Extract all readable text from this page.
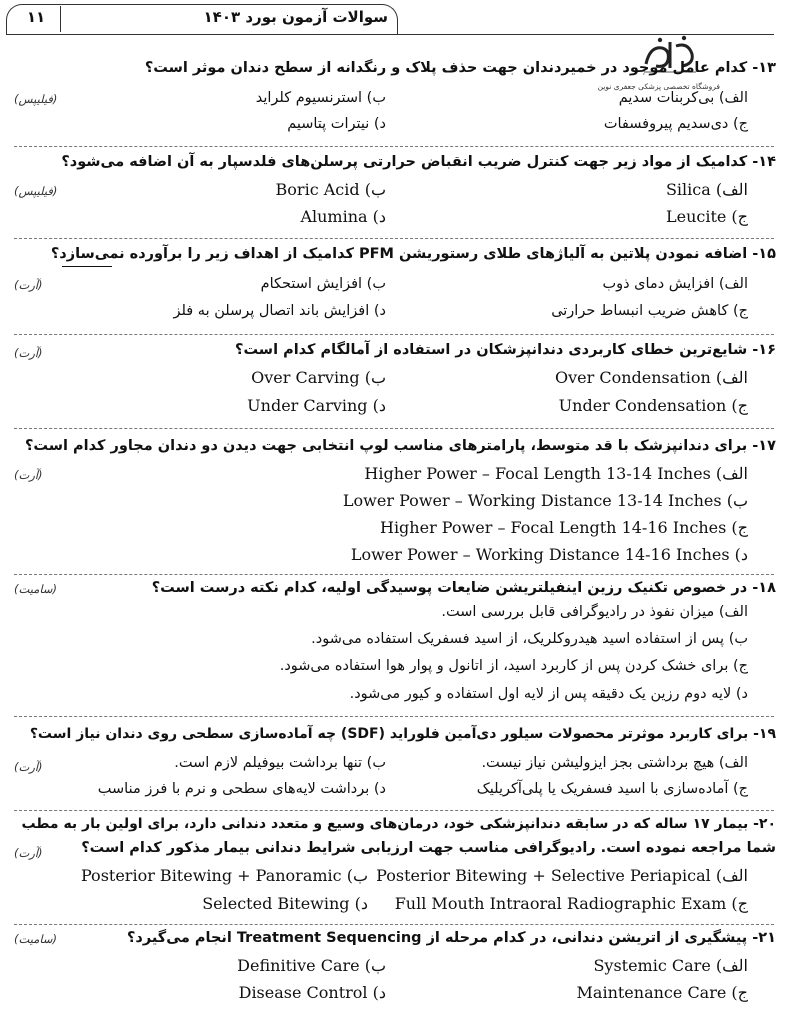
۱۱	سوالات آزمون بورد ۱۴۰۳
فروشگاه تخصصی پزشکی جعفری نوین
۱۳- کدام عامل موجود در خمیردندان جهت حذف پلاک و رنگدانه از سطح دندان موثر است؟
(فیلیپس)	الف) بی‌کربنات سدیم
ب) استرنسیوم کلراید
ج) دی‌سدیم پیروفسفات
د) نیترات پتاسیم
۱۴- کدامیک از مواد زیر جهت کنترل ضریب انقباض حرارتی پرسلن‌های فلدسپار به آن اضافه می‌شود؟
(فیلیپس)	الف) Silica
ب) Boric Acid
ج) Leucite
د) Alumina
۱۵- اضافه نمودن پلاتین به آلیاژهای طلای رستوریشن PFM کدامیک از اهداف زیر را برآورده نمی‌سازد؟
(آرت)	الف) افزایش دمای ذوب
ب) افزایش استحکام
ج) کاهش ضریب انبساط حرارتی
د) افزایش باند اتصال پرسلن به فلز
۱۶- شایع‌ترین خطای کاربردی دندانپزشکان در استفاده از آمالگام کدام است؟
(آرت)
الف) Over Condensation
ب) Over Carving
ج) Under Condensation
د) Under Carving
۱۷- برای دندانپزشک با قد متوسط، پارامترهای مناسب لوپ انتخابی جهت دیدن دو دندان مجاور کدام است؟
(آرت)	الف) Higher Power – Focal Length 13-14 Inches
ب) Lower Power – Working Distance 13-14 Inches
ج) Higher Power – Focal Length 14-16 Inches
د) Lower Power – Working Distance 14-16 Inches
۱۸- در خصوص تکنیک رزین اینفیلتریشن ضایعات پوسیدگی اولیه، کدام نکته درست است؟
(سامیت)
الف) میزان نفوذ در رادیوگرافی قابل بررسی است.
ب) پس از استفاده اسید هیدروکلریک، از اسید فسفریک استفاده می‌شود.
ج) برای خشک کردن پس از کاربرد اسید، از اتانول و پوار هوا استفاده می‌شود.
د) لایه دوم رزین یک دقیقه پس از لایه اول استفاده و کیور می‌شود.
۱۹- برای کاربرد موثرتر محصولات سیلور دی‌آمین فلوراید (SDF) چه آماده‌سازی سطحی روی دندان نیاز است؟
(آرت)	الف) هیچ برداشتی بجز ایزولیشن نیاز نیست.
ب) تنها برداشت بیوفیلم لازم است.
ج) آماده‌سازی با اسید فسفریک یا پلی‌آکریلیک
د) برداشت لایه‌های سطحی و نرم با فرز مناسب
۲۰- بیمار ۱۷ ساله که در سابقه دندانپزشکی خود، درمان‌های وسیع و متعدد دندانی دارد، برای اولین بار به مطب
شما مراجعه نموده است. رادیوگرافی مناسب جهت ارزیابی شرایط دندانی بیمار مذکور کدام است؟
(آرت)
الف) Posterior Bitewing + Selective Periapical
ب) Posterior Bitewing + Panoramic
ج) Full Mouth Intraoral Radiographic Exam
د) Selected Bitewing
۲۱- پیشگیری از اتریشن دندانی، در کدام مرحله از Treatment Sequencing انجام می‌گیرد؟
(سامیت)
الف) Systemic Care
ب) Definitive Care
ج) Maintenance Care
د) Disease Control
